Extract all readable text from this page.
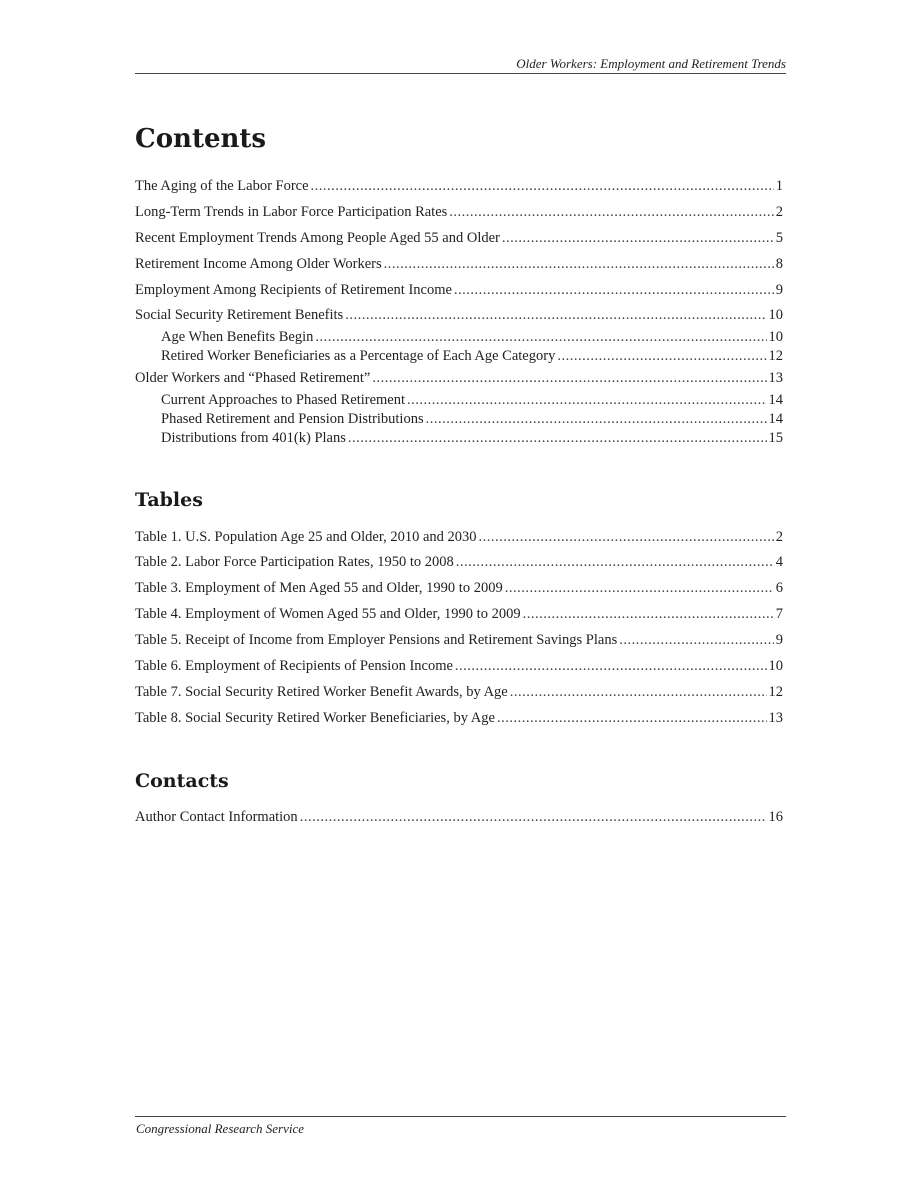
Older Workers: Employment and Retirement Trends
Contents
The Aging of the Labor Force .....	1
Long-Term Trends in Labor Force Participation Rates .....	2
Recent Employment Trends Among People Aged 55 and Older .....	5
Retirement Income Among Older Workers .....	8
Employment Among Recipients of Retirement Income .....	9
Social Security Retirement Benefits .....	10
Age When Benefits Begin .....	10
Retired Worker Beneficiaries as a Percentage of Each Age Category .....	12
Older Workers and “Phased Retirement” .....	13
Current Approaches to Phased Retirement .....	14
Phased Retirement and Pension Distributions .....	14
Distributions from 401(k) Plans .....	15
Tables
Table 1. U.S. Population Age 25 and Older, 2010 and 2030 .....	2
Table 2. Labor Force Participation Rates, 1950 to 2008 .....	4
Table 3. Employment of Men Aged 55 and Older, 1990 to 2009 .....	6
Table 4. Employment of Women Aged 55 and Older, 1990 to 2009 .....	7
Table 5. Receipt of Income from Employer Pensions and Retirement Savings Plans .....	9
Table 6. Employment of Recipients of Pension Income .....	10
Table 7. Social Security Retired Worker Benefit Awards, by Age .....	12
Table 8. Social Security Retired Worker Beneficiaries, by Age .....	13
Contacts
Author Contact Information .....	16
Congressional Research Service
